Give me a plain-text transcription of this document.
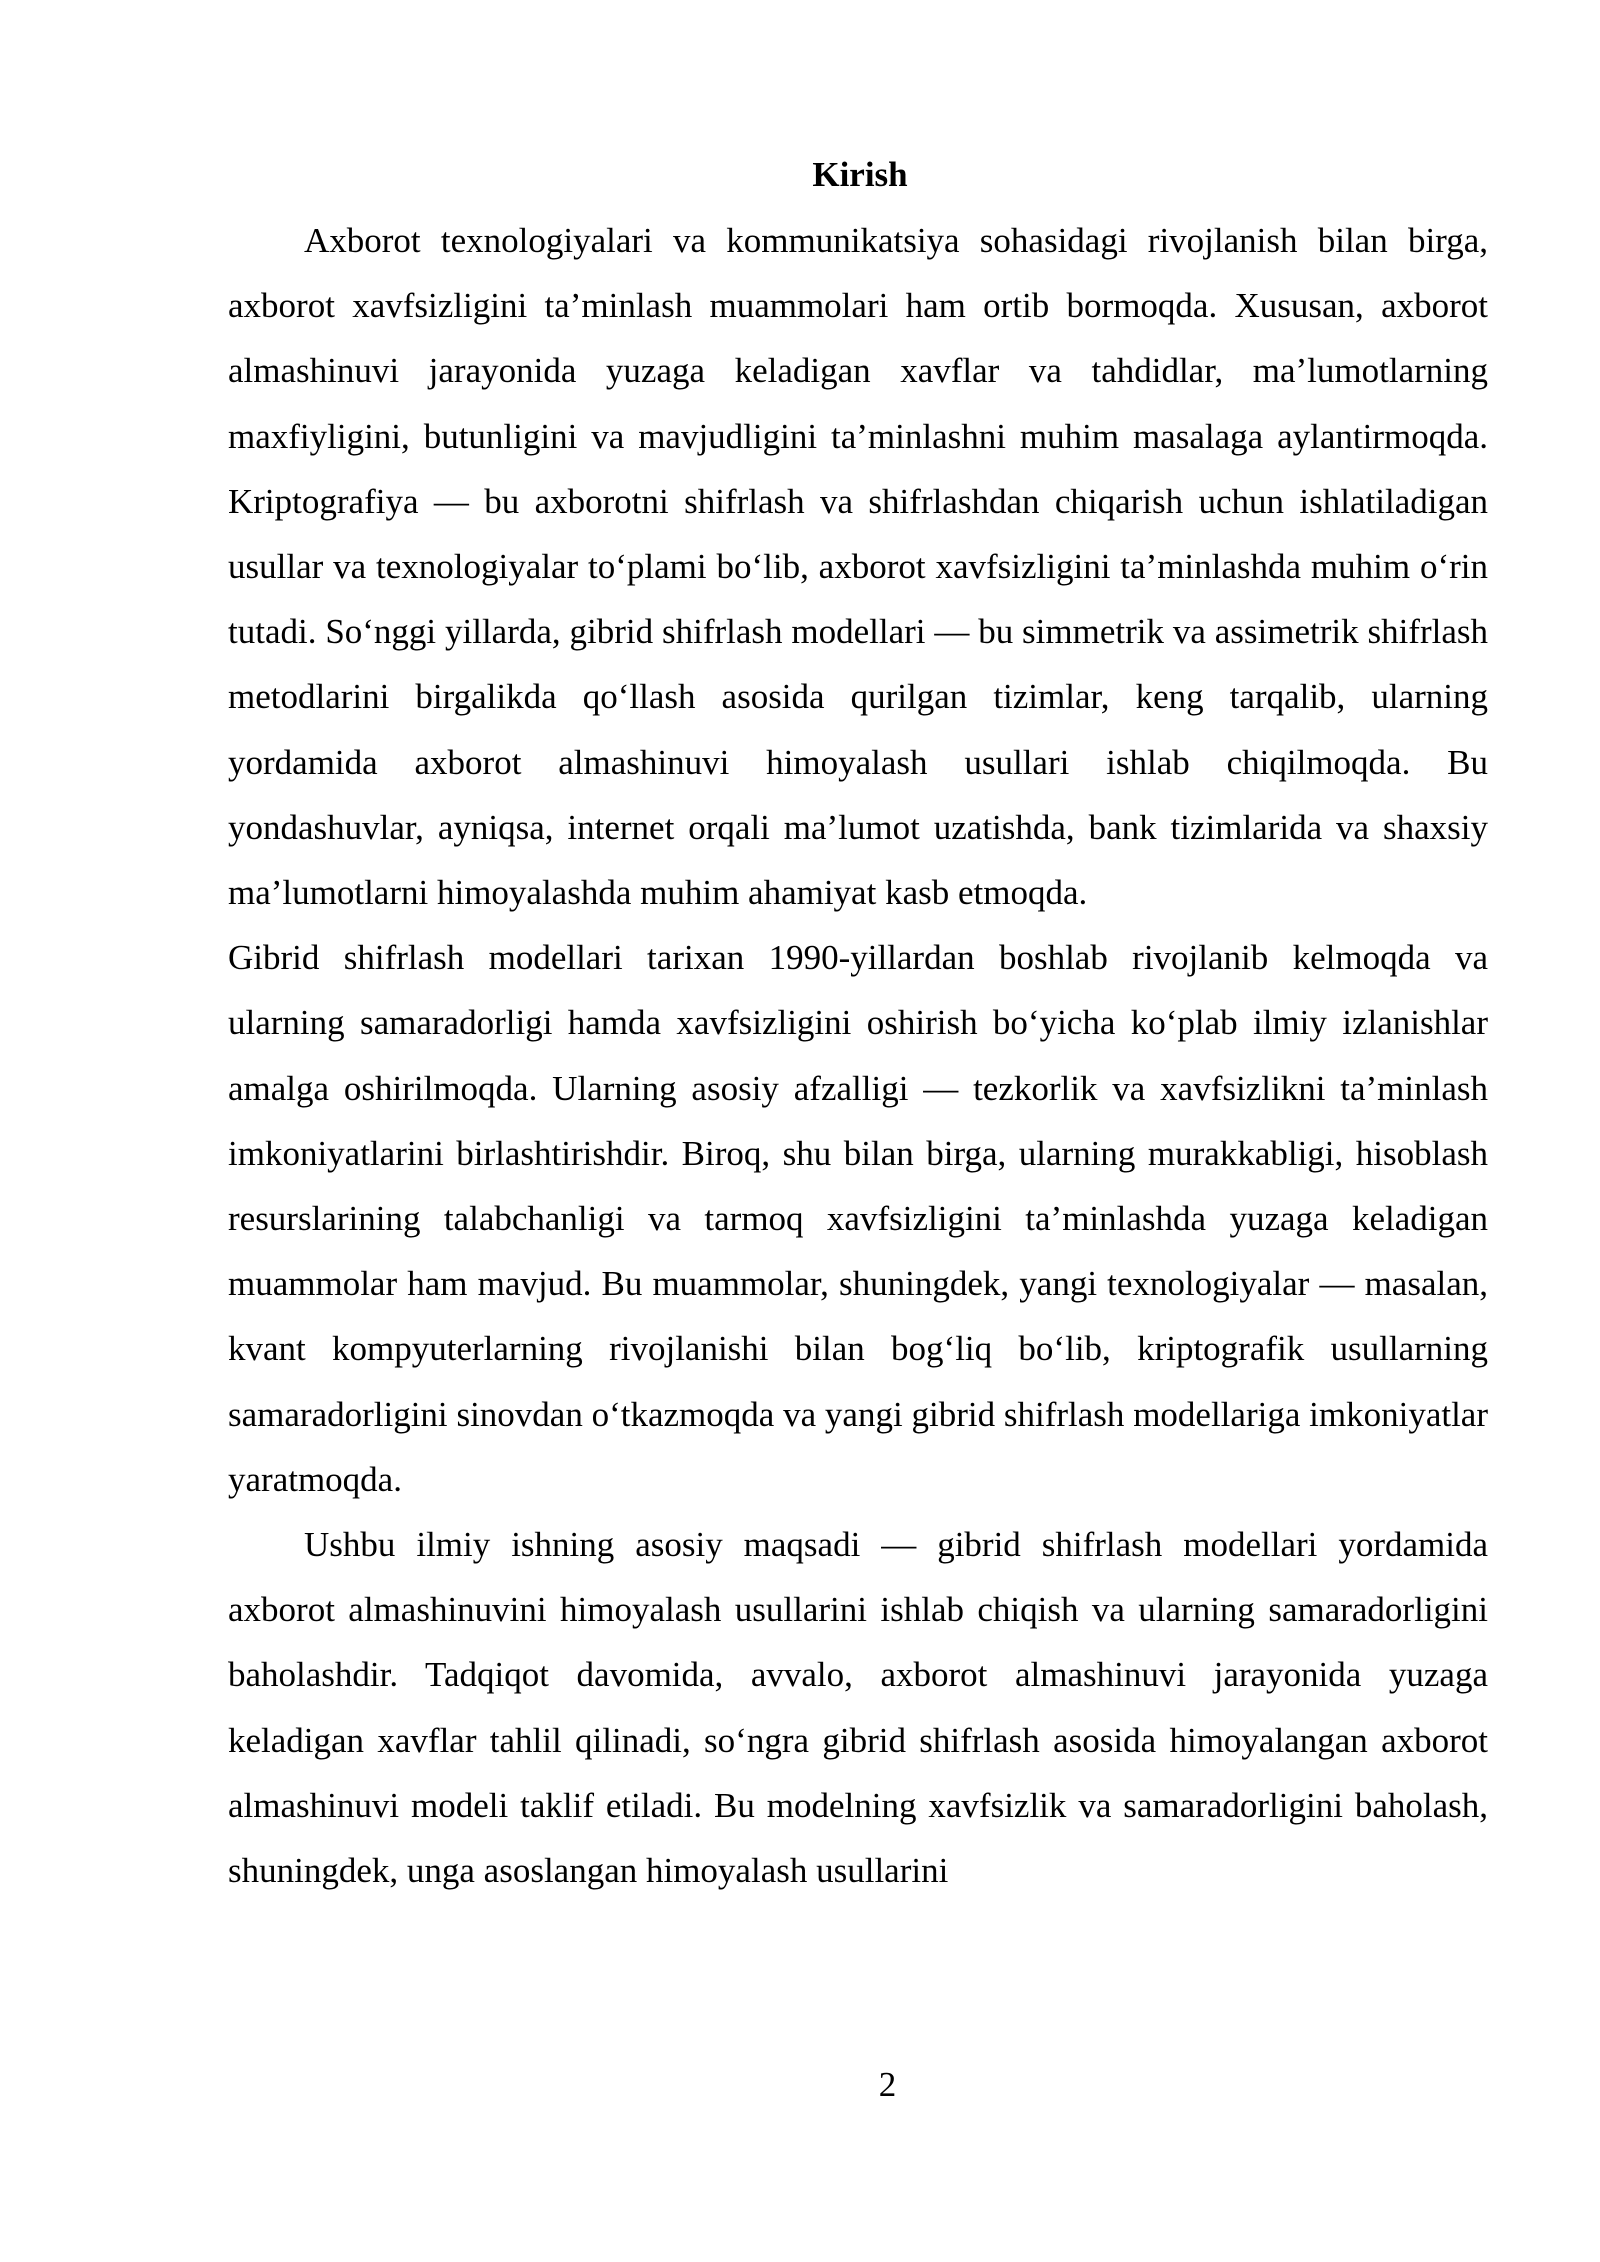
Kirish

Axborot texnologiyalari va kommunikatsiya sohasidagi rivojlanish bilan birga, axborot xavfsizligini ta’minlash muammolari ham ortib bormoqda. Xususan, axborot almashinuvi jarayonida yuzaga keladigan xavflar va tahdidlar, ma’lumotlarning maxfiyligini, butunligini va mavjudligini ta’minlashni muhim masalaga aylantirmoqda. Kriptografiya — bu axborotni shifrlash va shifrlashdan chiqarish uchun ishlatiladigan usullar va texnologiyalar to‘plami bo‘lib, axborot xavfsizligini ta’minlashda muhim o‘rin tutadi. So‘nggi yillarda, gibrid shifrlash modellari — bu simmetrik va assimetrik shifrlash metodlarini birgalikda qo‘llash asosida qurilgan tizimlar, keng tarqalib, ularning yordamida axborot almashinuvi himoyalash usullari ishlab chiqilmoqda. Bu yondashuvlar, ayniqsa, internet orqali ma’lumot uzatishda, bank tizimlarida va shaxsiy ma’lumotlarni himoyalashda muhim ahamiyat kasb etmoqda.

Gibrid shifrlash modellari tarixan 1990-yillardan boshlab rivojlanib kelmoqda va ularning samaradorligi hamda xavfsizligini oshirish bo‘yicha ko‘plab ilmiy izlanishlar amalga oshirilmoqda. Ularning asosiy afzalligi — tezkorlik va xavfsizlikni ta’minlash imkoniyatlarini birlashtirishdir. Biroq, shu bilan birga, ularning murakkabligi, hisoblash resurslarining talabchanligi va tarmoq xavfsizligini ta’minlashda yuzaga keladigan muammolar ham mavjud. Bu muammolar, shuningdek, yangi texnologiyalar — masalan, kvant kompyuterlarning rivojlanishi bilan bog‘liq bo‘lib, kriptografik usullarning samaradorligini sinovdan o‘tkazmoqda va yangi gibrid shifrlash modellariga imkoniyatlar yaratmoqda.

Ushbu ilmiy ishning asosiy maqsadi — gibrid shifrlash modellari yordamida axborot almashinuvini himoyalash usullarini ishlab chiqish va ularning samaradorligini baholashdir. Tadqiqot davomida, avvalo, axborot almashinuvi jarayonida yuzaga keladigan xavflar tahlil qilinadi, so‘ngra gibrid shifrlash asosida himoyalangan axborot almashinuvi modeli taklif etiladi. Bu modelning xavfsizlik va samaradorligini baholash, shuningdek, unga asoslangan himoyalash usullarini

2
